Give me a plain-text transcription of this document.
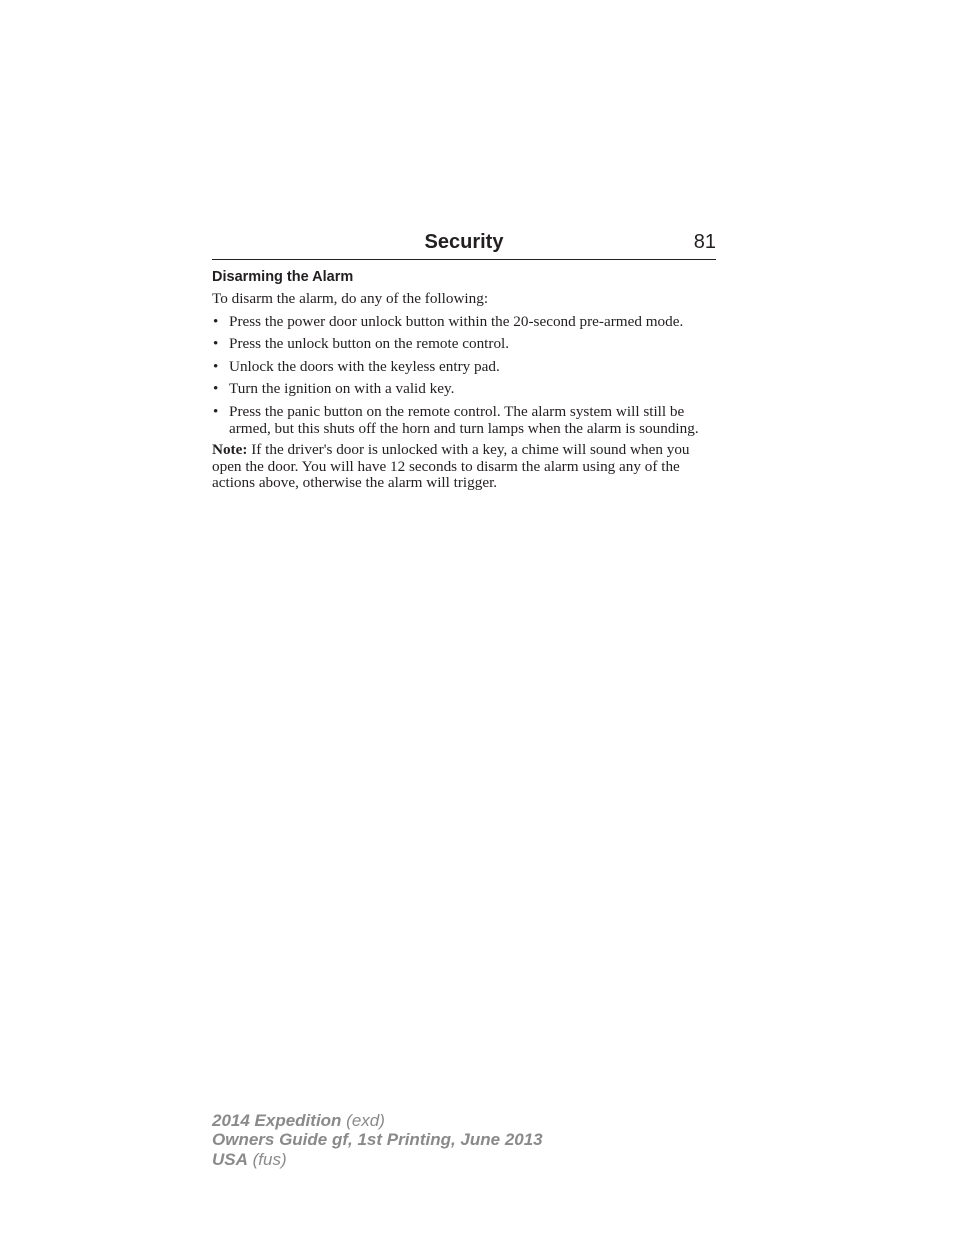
Security	81
Disarming the Alarm
To disarm the alarm, do any of the following:
• Press the power door unlock button within the 20-second pre-armed mode.
• Press the unlock button on the remote control.
• Unlock the doors with the keyless entry pad.
• Turn the ignition on with a valid key.
• Press the panic button on the remote control. The alarm system will still be armed, but this shuts off the horn and turn lamps when the alarm is sounding.
Note: If the driver's door is unlocked with a key, a chime will sound when you open the door. You will have 12 seconds to disarm the alarm using any of the actions above, otherwise the alarm will trigger.
2014 Expedition (exd)
Owners Guide gf, 1st Printing, June 2013
USA (fus)
